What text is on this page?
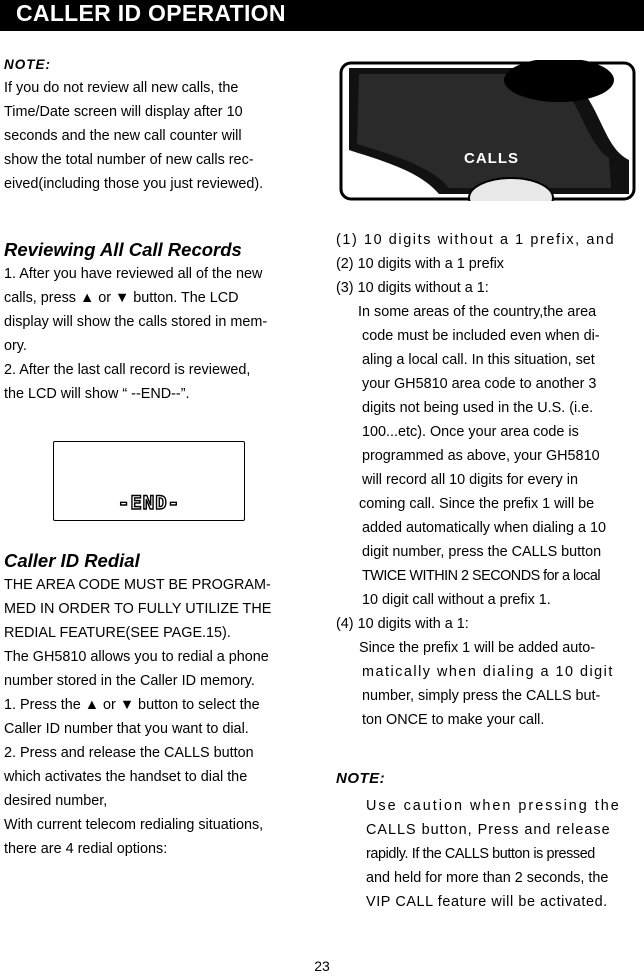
CALLER ID OPERATION
NOTE:

If you do not review all new calls, the

Time/Date screen will display after 10

seconds and the new call counter will

show the total number of new calls rec-

eived(including those you just reviewed).

Reviewing All Call Records

1. After you have reviewed all of the new

calls, press ▲ or ▼ button. The LCD

display will show the calls stored in mem-

ory.

2. After the last call record is reviewed,

the LCD will show “ --END--”.

-END-
Caller ID Redial

THE AREA CODE MUST BE PROGRAM-

MED IN ORDER TO FULLY UTILIZE THE

REDIAL FEATURE(SEE PAGE.15).

The GH5810 allows you to redial a phone

number stored in the Caller ID memory.

1. Press the ▲ or ▼ button to select the

Caller ID number that you want to dial.

2. Press and release the CALLS button

which activates the handset to dial the

desired number,

With current telecom redialing situations,

there are 4 redial options:

CALLS

(1) 10 digits without a 1 prefix, and

(2) 10 digits with a 1 prefix

(3) 10 digits without a 1:

In some areas of the country,the area

code must be included even when di-

aling a local call. In this situation, set

your GH5810 area code to another 3

digits not being used in the U.S. (i.e.

100...etc). Once your area code is

programmed as above, your GH5810

will record all 10 digits for every in

coming call. Since the prefix 1 will be

added automatically when dialing a 10

digit number, press the CALLS button

TWICE WITHIN 2 SECONDS for a local

10 digit call without a prefix 1.

(4) 10 digits with a 1:

Since the prefix 1 will be added auto-

matically when dialing a 10 digit

number, simply press the CALLS but-

ton ONCE to make your call.

NOTE:

Use caution when pressing the

CALLS button, Press and release

rapidly. If the CALLS button is pressed

and held for more than 2 seconds, the

VIP CALL feature will be activated.

23
